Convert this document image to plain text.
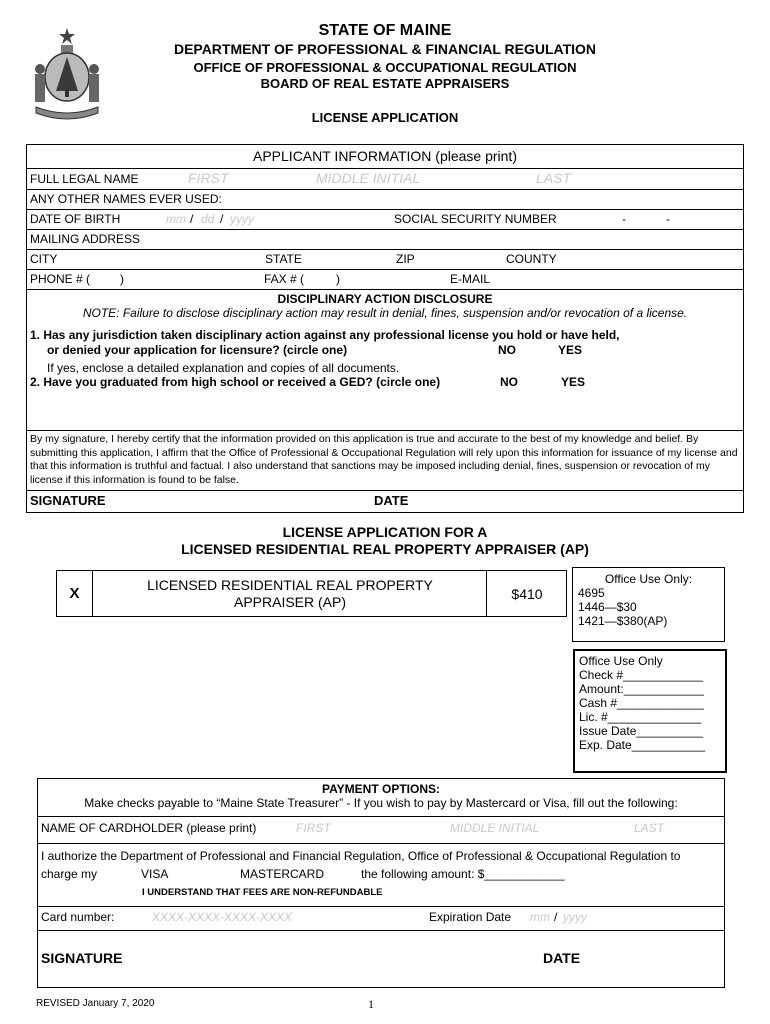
STATE OF MAINE
DEPARTMENT OF PROFESSIONAL & FINANCIAL REGULATION
OFFICE OF PROFESSIONAL & OCCUPATIONAL REGULATION
BOARD OF REAL ESTATE APPRAISERS
LICENSE APPLICATION
APPLICANT INFORMATION (please print)
FULL LEGAL NAME	FIRST	MIDDLE INITIAL	LAST
ANY OTHER NAMES EVER USED:
DATE OF BIRTH	mm / dd / yyyy	SOCIAL SECURITY NUMBER	-	-
MAILING ADDRESS
CITY	STATE	ZIP	COUNTY
PHONE # ( )	FAX # (	)	E-MAIL
DISCIPLINARY ACTION DISCLOSURE
NOTE: Failure to disclose disciplinary action may result in denial, fines, suspension and/or revocation of a license.
1. Has any jurisdiction taken disciplinary action against any professional license you hold or have held,
or denied your application for licensure? (circle one)	NO	YES
If yes, enclose a detailed explanation and copies of all documents.
2. Have you graduated from high school or received a GED? (circle one)	NO	YES
By my signature, I hereby certify that the information provided on this application is true and accurate to the best of my knowledge and belief. By submitting this application, I affirm that the Office of Professional & Occupational Regulation will rely upon this information for issuance of my license and that this information is truthful and factual. I also understand that sanctions may be imposed including denial, fines, suspension or revocation of my license if this information is found to be false.
SIGNATURE	DATE
LICENSE APPLICATION FOR A
LICENSED RESIDENTIAL REAL PROPERTY APPRAISER (AP)
X	LICENSED RESIDENTIAL REAL PROPERTY APPRAISER (AP)	$410
Office Use Only:
4695
1446—$30
1421—$380(AP)
Office Use Only
Check #____________
Amount:____________
Cash #_____________
Lic. #______________
Issue Date__________
Exp. Date___________
PAYMENT OPTIONS:
Make checks payable to “Maine State Treasurer” - If you wish to pay by Mastercard or Visa, fill out the following:
NAME OF CARDHOLDER (please print)	FIRST	MIDDLE INITIAL	LAST
I authorize the Department of Professional and Financial Regulation, Office of Professional & Occupational Regulation to
charge my	VISA	MASTERCARD	the following amount: $____________
I UNDERSTAND THAT FEES ARE NON-REFUNDABLE
Card number:	XXXX-XXXX-XXXX-XXXX	Expiration Date mm / yyyy
SIGNATURE	DATE
REVISED January 7, 2020	1
